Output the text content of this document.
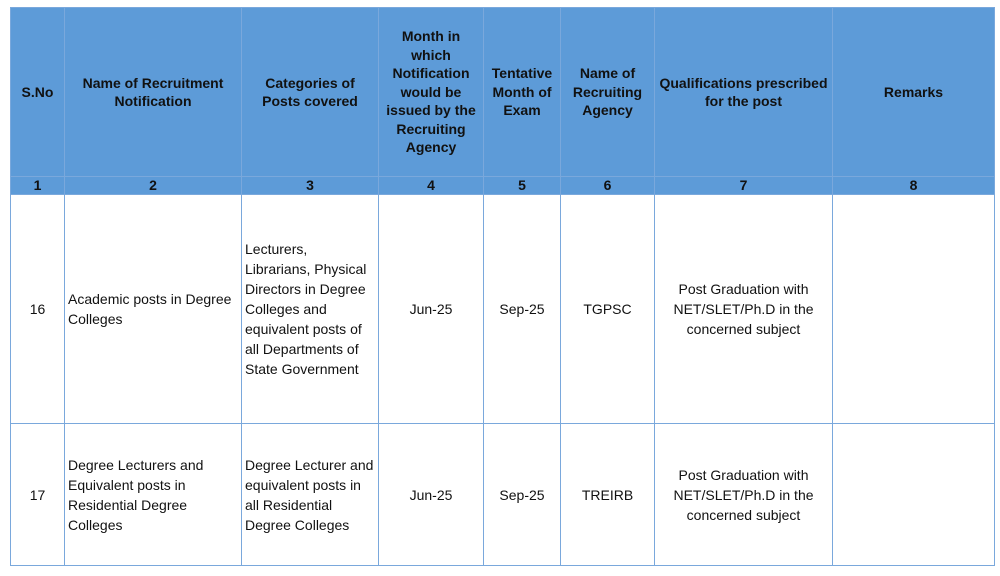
S.No	Name of Recruitment Notification	Categories of Posts covered	Month in which Notification would be issued by the Recruiting Agency	Tentative Month of Exam	Name of Recruiting Agency	Qualifications prescribed for the post	Remarks
1	2	3	4	5	6	7	8
16	Academic posts in Degree Colleges	Lecturers, Librarians, Physical Directors in Degree Colleges and equivalent posts of all Departments of State Government	Jun-25	Sep-25	TGPSC	Post Graduation with NET/SLET/Ph.D in the concerned subject	
17	Degree Lecturers and Equivalent posts in Residential Degree Colleges	Degree Lecturer and equivalent posts in all Residential Degree Colleges	Jun-25	Sep-25	TREIRB	Post Graduation with NET/SLET/Ph.D in the concerned subject	
